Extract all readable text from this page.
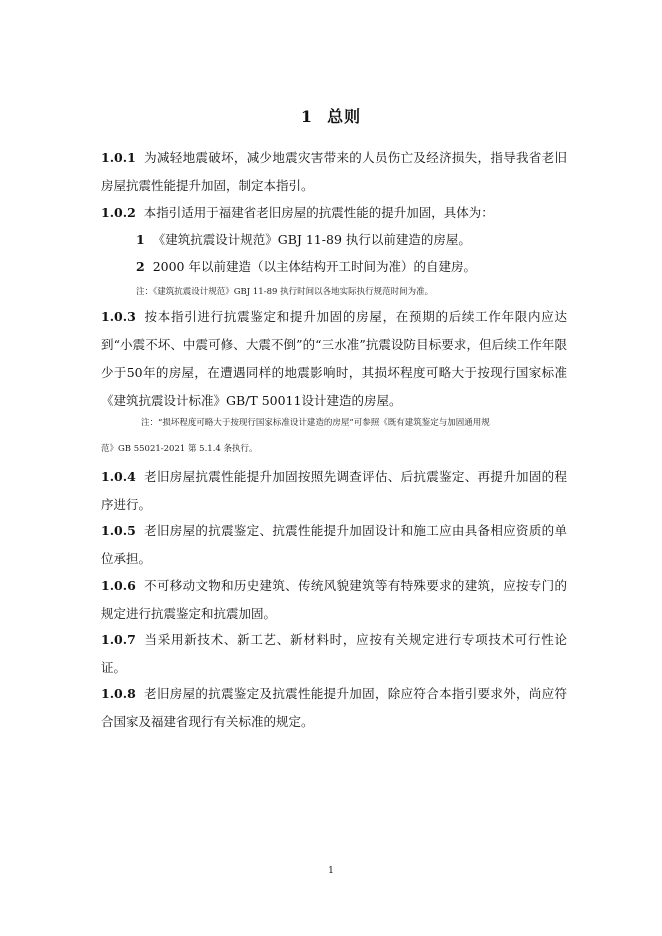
1 总则

1.0.1 为减轻地震破坏，减少地震灾害带来的人员伤亡及经济损失，指导我省老旧房屋抗震性能提升加固，制定本指引。

1.0.2 本指引适用于福建省老旧房屋的抗震性能的提升加固，具体为：

1 《建筑抗震设计规范》GBJ 11-89 执行以前建造的房屋。

2 2000 年以前建造（以主体结构开工时间为准）的自建房。

注：《建筑抗震设计规范》GBJ 11-89 执行时间以各地实际执行规范时间为准。

1.0.3 按本指引进行抗震鉴定和提升加固的房屋，在预期的后续工作年限内应达到“小震不坏、中震可修、大震不倒”的“三水准”抗震设防目标要求，但后续工作年限少于50年的房屋，在遭遇同样的地震影响时，其损坏程度可略大于按现行国家标准《建筑抗震设计标准》GB/T 50011设计建造的房屋。

注：“损坏程度可略大于按现行国家标准设计建造的房屋”可参照《既有建筑鉴定与加固通用规

范》GB 55021-2021 第 5.1.4 条执行。

1.0.4 老旧房屋抗震性能提升加固按照先调查评估、后抗震鉴定、再提升加固的程序进行。

1.0.5 老旧房屋的抗震鉴定、抗震性能提升加固设计和施工应由具备相应资质的单位承担。

1.0.6 不可移动文物和历史建筑、传统风貌建筑等有特殊要求的建筑，应按专门的规定进行抗震鉴定和抗震加固。

1.0.7 当采用新技术、新工艺、新材料时，应按有关规定进行专项技术可行性论证。

1.0.8 老旧房屋的抗震鉴定及抗震性能提升加固，除应符合本指引要求外，尚应符合国家及福建省现行有关标准的规定。

1
